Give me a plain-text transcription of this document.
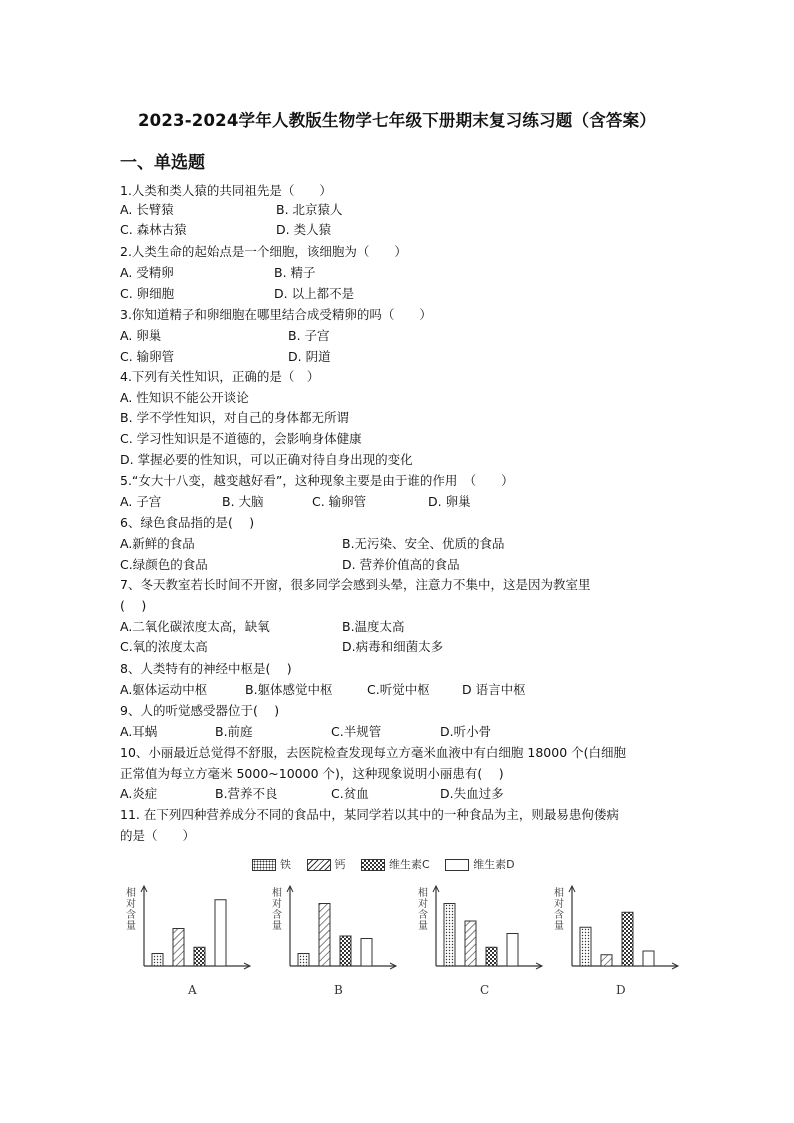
2023-2024学年人教版生物学七年级下册期末复习练习题（含答案）
一、单选题
1.人类和类人猿的共同祖先是（　　）
A. 长臂猿	B. 北京猿人
C. 森林古猿	D. 类人猿
2.人类生命的起始点是一个细胞，该细胞为（　　）
A. 受精卵	B. 精子
C. 卵细胞	D. 以上都不是
3.你知道精子和卵细胞在哪里结合成受精卵的吗（　　）
A. 卵巢	B. 子宫
C. 输卵管	D. 阴道
4.下列有关性知识，正确的是（　）
A. 性知识不能公开谈论
B. 学不学性知识，对自己的身体都无所谓
C. 学习性知识是不道德的，会影响身体健康
D. 掌握必要的性知识，可以正确对待自身出现的变化
5.“女大十八变，越变越好看”，这种现象主要是由于谁的作用　（　　）
A. 子宫	B. 大脑	C. 输卵管	D. 卵巢
6、绿色食品指的是(　 )
A.新鲜的食品	B.无污染、安全、优质的食品
C.绿颜色的食品	D. 营养价值高的食品
7、冬天教室若长时间不开窗，很多同学会感到头晕，注意力不集中，这是因为教室里
(　 )
A.二氧化碳浓度太高，缺氧	B.温度太高
C.氧的浓度太高	D.病毒和细菌太多
8、人类特有的神经中枢是(　 )
A.躯体运动中枢	B.躯体感觉中枢	C.听觉中枢	D 语言中枢
9、人的听觉感受器位于(　 )
A.耳蜗	B.前庭	C.半规管	D.听小骨
10、小丽最近总觉得不舒服，去医院检查发现每立方毫米血液中有白细胞 18000 个(白细胞
正常值为每立方毫米 5000~10000 个)，这种现象说明小丽患有(　 )
A.炎症	B.营养不良	C.贫血	D.失血过多
11. 在下列四种营养成分不同的食品中，某同学若以其中的一种食品为主，则最易患佝偻病
的是（　　）
铁	钙	维生素C	维生素D
相
对
含
量
A
相
对
含
量
B
相
对
含
量
C
相
对
含
量
D
